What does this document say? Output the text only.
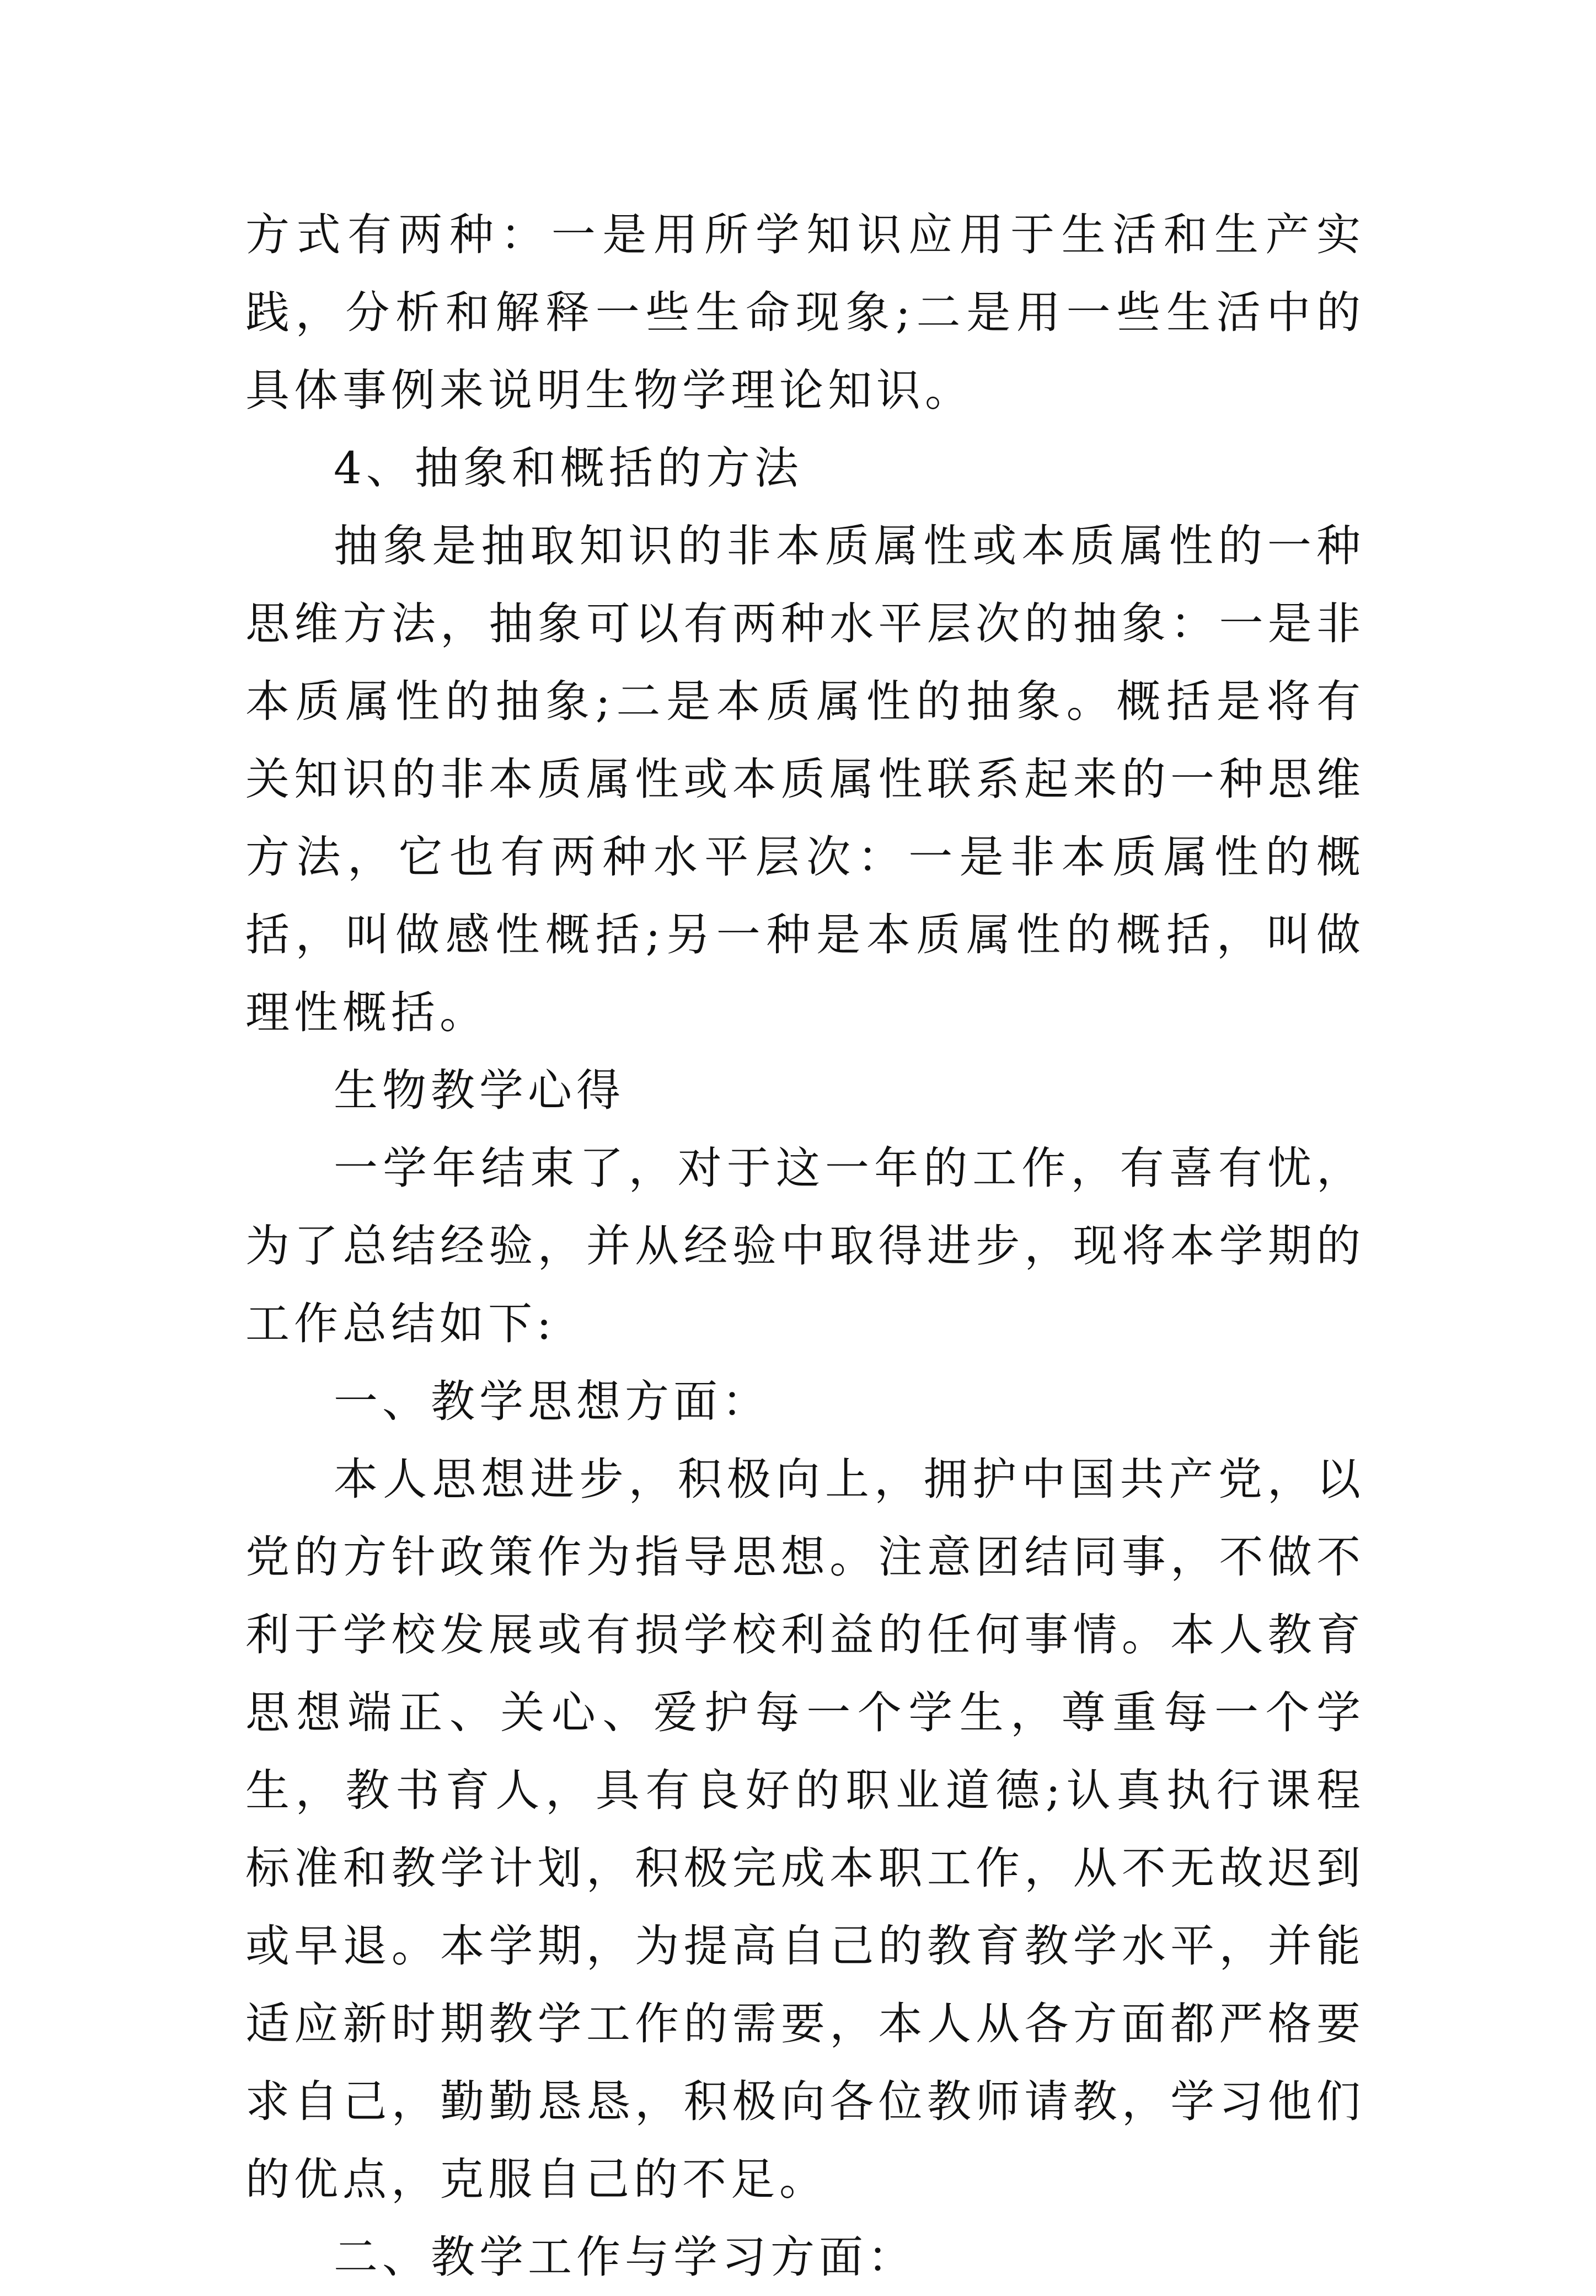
方式有两种：一是用所学知识应用于生活和生产实践，分析和解释一些生命现象;二是用一些生活中的具体事例来说明生物学理论知识。

4、抽象和概括的方法

抽象是抽取知识的非本质属性或本质属性的一种思维方法，抽象可以有两种水平层次的抽象：一是非本质属性的抽象;二是本质属性的抽象。概括是将有关知识的非本质属性或本质属性联系起来的一种思维方法，它也有两种水平层次：一是非本质属性的概括，叫做感性概括;另一种是本质属性的概括，叫做理性概括。

生物教学心得

一学年结束了，对于这一年的工作，有喜有忧，为了总结经验，并从经验中取得进步，现将本学期的工作总结如下:

一、教学思想方面：

本人思想进步，积极向上，拥护中国共产党，以党的方针政策作为指导思想。注意团结同事，不做不利于学校发展或有损学校利益的任何事情。本人教育思想端正、关心、爱护每一个学生，尊重每一个学生，教书育人，具有良好的职业道德;认真执行课程标准和教学计划，积极完成本职工作，从不无故迟到或早退。本学期，为提高自己的教育教学水平，并能适应新时期教学工作的需要，本人从各方面都严格要求自己，勤勤恳恳，积极向各位教师请教，学习他们的优点，克服自己的不足。

二、教学工作与学习方面：
